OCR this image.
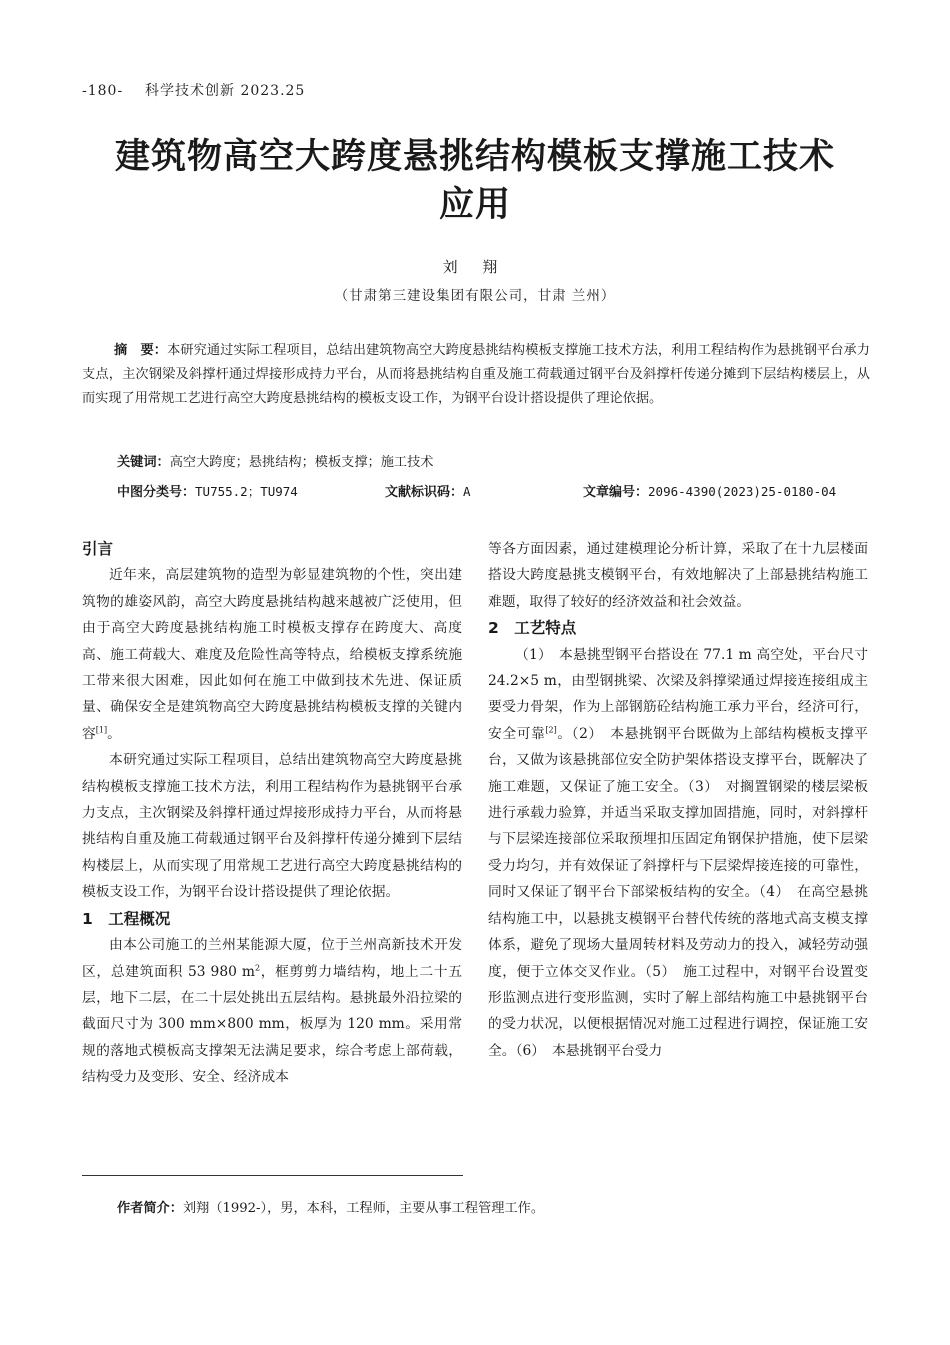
-180- 科学技术创新 2023.25
建筑物高空大跨度悬挑结构模板支撑施工技术
应用
刘 翔
（甘肃第三建设集团有限公司，甘肃 兰州）

摘　要：本研究通过实际工程项目，总结出建筑物高空大跨度悬挑结构模板支撑施工技术方法，利用工程结构作为悬挑钢平台承力支点，主次钢梁及斜撑杆通过焊接形成持力平台，从而将悬挑结构自重及施工荷载通过钢平台及斜撑杆传递分摊到下层结构楼层上，从而实现了用常规工艺进行高空大跨度悬挑结构的模板支设工作，为钢平台设计搭设提供了理论依据。

关键词：高空大跨度；悬挑结构；模板支撑；施工技术
中图分类号：TU755.2；TU974	文献标识码：A	文章编号：2096-4390(2023)25-0180-04
引言

近年来，高层建筑物的造型为彰显建筑物的个性，突出建筑物的雄姿风韵，高空大跨度悬挑结构越来越被广泛使用，但由于高空大跨度悬挑结构施工时模板支撑存在跨度大、高度高、施工荷载大、难度及危险性高等特点，给模板支撑系统施工带来很大困难，因此如何在施工中做到技术先进、保证质量、确保安全是建筑物高空大跨度悬挑结构模板支撑的关键内容[1]。

本研究通过实际工程项目，总结出建筑物高空大跨度悬挑结构模板支撑施工技术方法，利用工程结构作为悬挑钢平台承力支点，主次钢梁及斜撑杆通过焊接形成持力平台，从而将悬挑结构自重及施工荷载通过钢平台及斜撑杆传递分摊到下层结构楼层上，从而实现了用常规工艺进行高空大跨度悬挑结构的模板支设工作，为钢平台设计搭设提供了理论依据。

1　工程概况

由本公司施工的兰州某能源大厦，位于兰州高新技术开发区，总建筑面积 53 980 $m^2$，框剪剪力墙结构，地上二十五层，地下二层，在二十层处挑出五层结构。悬挑最外沿拉梁的截面尺寸为 300 mm×800 mm，板厚为 120 mm。采用常规的落地式模板高支撑架无法满足要求，综合考虑上部荷载，结构受力及变形、安全、经济成本

等各方面因素，通过建模理论分析计算，采取了在十九层楼面搭设大跨度悬挑支模钢平台，有效地解决了上部悬挑结构施工难题，取得了较好的经济效益和社会效益。

2　工艺特点

（1）　本悬挑型钢平台搭设在 77.1 m 高空处，平台尺寸 24.2×5 m，由型钢挑梁、次梁及斜撑梁通过焊接连接组成主要受力骨架，作为上部钢筋砼结构施工承力平台，经济可行，安全可靠[2]。（2）　本悬挑钢平台既做为上部结构模板支撑平台，又做为该悬挑部位安全防护架体搭设支撑平台，既解决了施工难题，又保证了施工安全。（3）　对搁置钢梁的楼层梁板进行承载力验算，并适当采取支撑加固措施，同时，对斜撑杆与下层梁连接部位采取预埋扣压固定角钢保护措施，使下层梁受力均匀，并有效保证了斜撑杆与下层梁焊接连接的可靠性，同时又保证了钢平台下部梁板结构的安全。（4）　在高空悬挑结构施工中，以悬挑支模钢平台替代传统的落地式高支模支撑体系，避免了现场大量周转材料及劳动力的投入，减轻劳动强度，便于立体交叉作业。（5）　施工过程中，对钢平台设置变形监测点进行变形监测，实时了解上部结构施工中悬挑钢平台的受力状况，以便根据情况对施工过程进行调控，保证施工安全。（6）　本悬挑钢平台受力

作者简介：刘翔（1992-），男，本科，工程师，主要从事工程管理工作。
